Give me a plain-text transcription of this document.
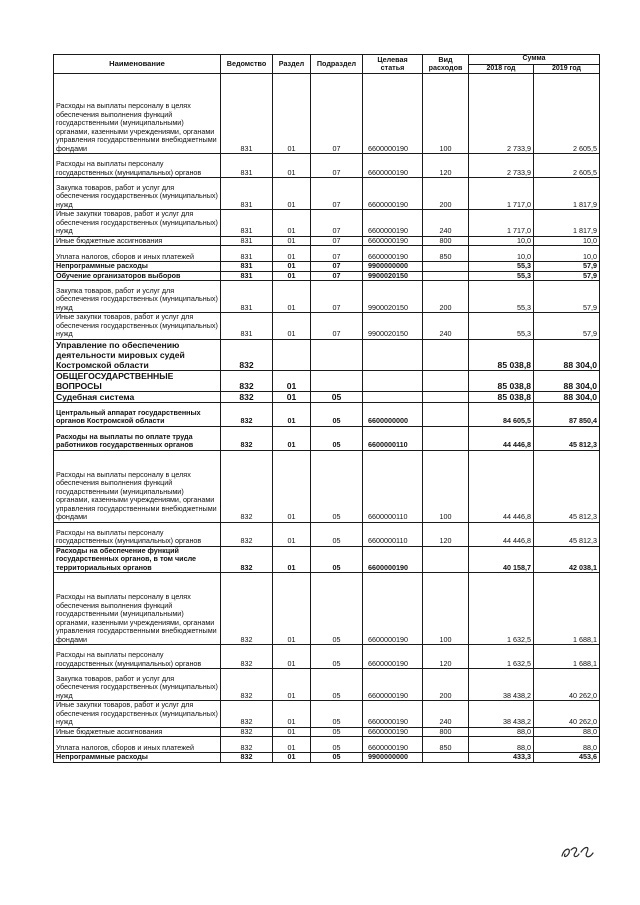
Наименование	Ведомство	Раздел	Подраздел	Целевая статья	Вид расходов	Сумма	
						2018 год	2019 год
Расходы на выплаты персоналу в целях обеспечения выполнения функций государственными (муниципальными) органами, казенными учреждениями, органами управления государственными внебюджетными фондами	831	01	07	6600000190	100	2 733,9	2 605,5
Расходы на выплаты персоналу государственных (муниципальных) органов	831	01	07	6600000190	120	2 733,9	2 605,5
Закупка товаров, работ и услуг для обеспечения государственных (муниципальных) нужд	831	01	07	6600000190	200	1 717,0	1 817,9
Иные закупки товаров, работ и услуг для обеспечения государственных (муниципальных) нужд	831	01	07	6600000190	240	1 717,0	1 817,9
Иные бюджетные ассигнования	831	01	07	6600000190	800	10,0	10,0
Уплата налогов, сборов и иных платежей	831	01	07	6600000190	850	10,0	10,0
Непрограммные расходы	831	01	07	9900000000		55,3	57,9
Обучение организаторов выборов	831	01	07	9900020150		55,3	57,9
Закупка товаров, работ и услуг для обеспечения государственных (муниципальных) нужд	831	01	07	9900020150	200	55,3	57,9
Иные закупки товаров, работ и услуг для обеспечения государственных (муниципальных) нужд	831	01	07	9900020150	240	55,3	57,9
Управление по обеспечению деятельности мировых судей Костромской области	832					85 038,8	88 304,0
ОБЩЕГОСУДАРСТВЕННЫЕ ВОПРОСЫ	832	01				85 038,8	88 304,0
Судебная система	832	01	05			85 038,8	88 304,0
Центральный аппарат государственных органов Костромской области	832	01	05	6600000000		84 605,5	87 850,4
Расходы на выплаты по оплате труда работников государственных органов	832	01	05	6600000110		44 446,8	45 812,3
Расходы на выплаты персоналу в целях обеспечения выполнения функций государственными (муниципальными) органами, казенными учреждениями, органами управления государственными внебюджетными фондами	832	01	05	6600000110	100	44 446,8	45 812,3
Расходы на выплаты персоналу государственных (муниципальных) органов	832	01	05	6600000110	120	44 446,8	45 812,3
Расходы на обеспечение функций государственных органов, в том числе территориальных органов	832	01	05	6600000190		40 158,7	42 038,1
Расходы на выплаты персоналу в целях обеспечения выполнения функций государственными (муниципальными) органами, казенными учреждениями, органами управления государственными внебюджетными фондами	832	01	05	6600000190	100	1 632,5	1 688,1
Расходы на выплаты персоналу государственных (муниципальных) органов	832	01	05	6600000190	120	1 632,5	1 688,1
Закупка товаров, работ и услуг для обеспечения государственных (муниципальных) нужд	832	01	05	6600000190	200	38 438,2	40 262,0
Иные закупки товаров, работ и услуг для обеспечения государственных (муниципальных) нужд	832	01	05	6600000190	240	38 438,2	40 262,0
Иные бюджетные ассигнования	832	01	05	6600000190	800	88,0	88,0
Уплата налогов, сборов и иных платежей	832	01	05	6600000190	850	88,0	88,0
Непрограммные расходы	832	01	05	9900000000		433,3	453,6
